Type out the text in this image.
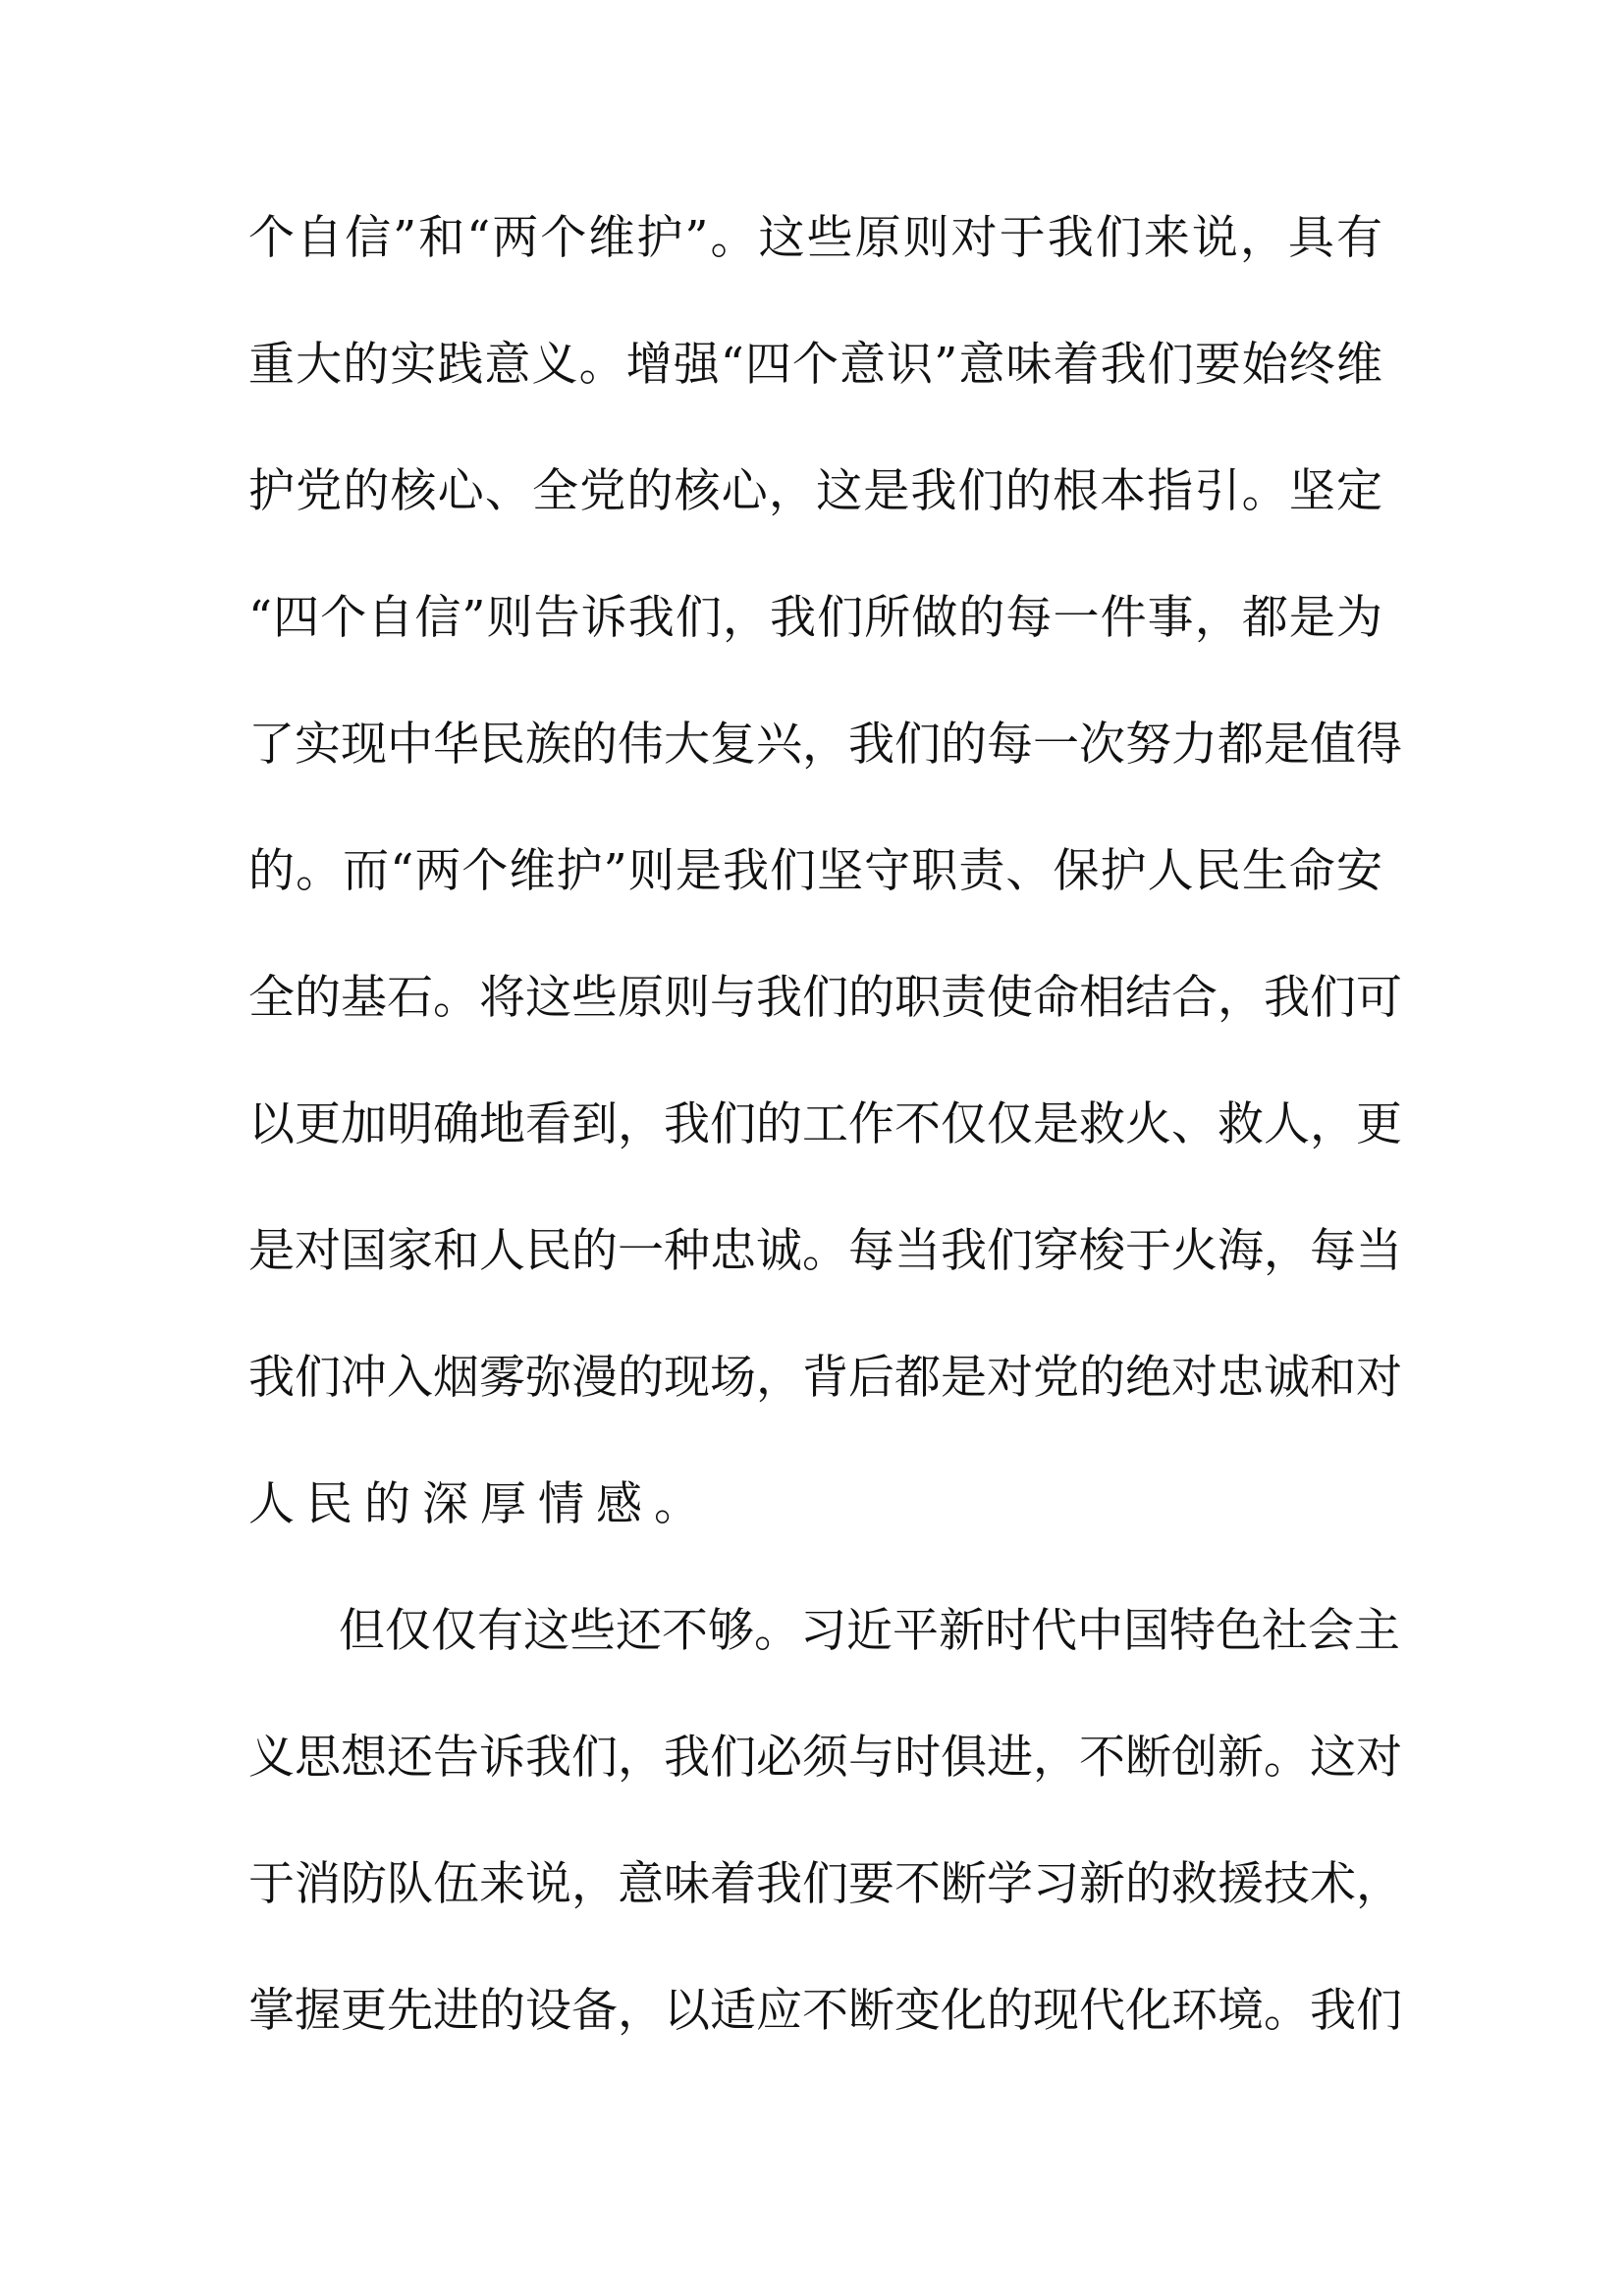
个自信”和“两个维护”。这些原则对于我们来说，具有
重大的实践意义。增强“四个意识”意味着我们要始终维
护党的核心、全党的核心，这是我们的根本指引。坚定
“四个自信”则告诉我们，我们所做的每一件事，都是为
了实现中华民族的伟大复兴，我们的每一次努力都是值得
的。而“两个维护”则是我们坚守职责、保护人民生命安
全的基石。将这些原则与我们的职责使命相结合，我们可
以更加明确地看到，我们的工作不仅仅是救火、救人，更
是对国家和人民的一种忠诚。每当我们穿梭于火海，每当
我们冲入烟雾弥漫的现场，背后都是对党的绝对忠诚和对
人民的深厚情感。
但仅仅有这些还不够。习近平新时代中国特色社会主
义思想还告诉我们，我们必须与时俱进，不断创新。这对
于消防队伍来说，意味着我们要不断学习新的救援技术，
掌握更先进的设备，以适应不断变化的现代化环境。我们
